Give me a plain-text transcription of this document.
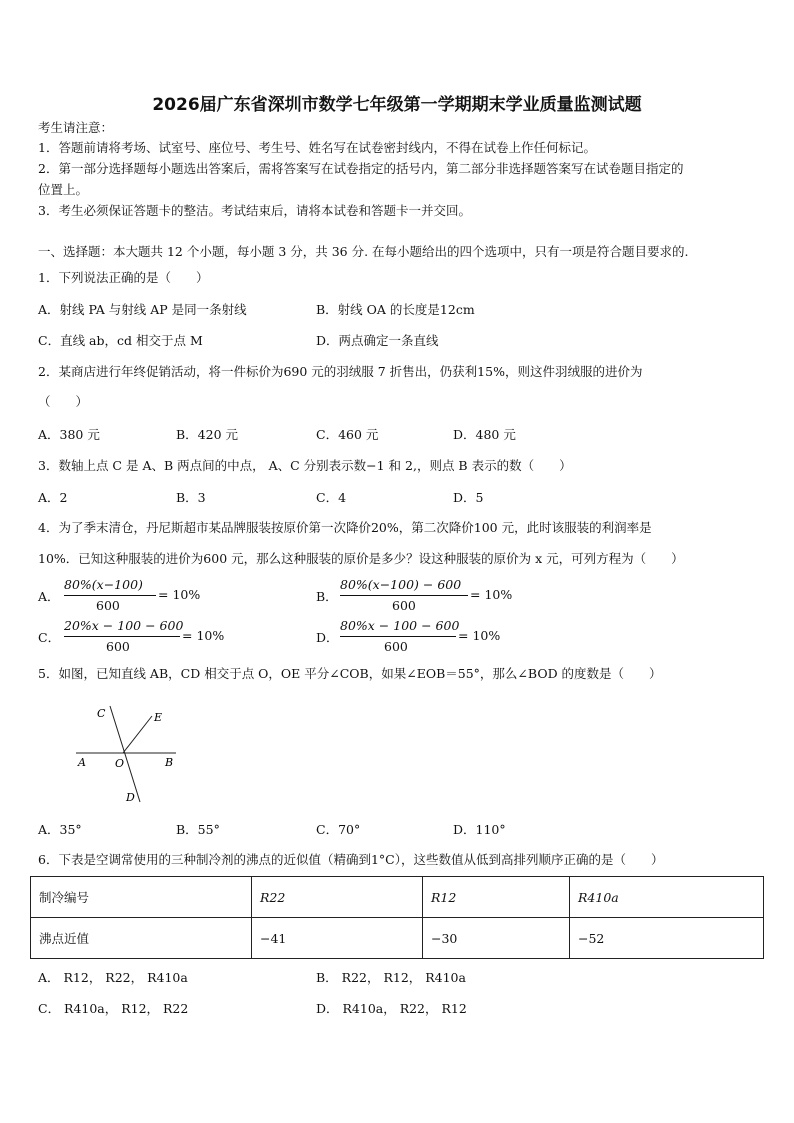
2026届广东省深圳市数学七年级第一学期期末学业质量监测试题
考生请注意：
1．答题前请将考场、试室号、座位号、考生号、姓名写在试卷密封线内，不得在试卷上作任何标记。
2．第一部分选择题每小题选出答案后，需将答案写在试卷指定的括号内，第二部分非选择题答案写在试卷题目指定的
位置上。
3．考生必须保证答题卡的整洁。考试结束后，请将本试卷和答题卡一并交回。
一、选择题：本大题共 12 个小题，每小题 3 分，共 36 分. 在每小题给出的四个选项中，只有一项是符合题目要求的.
1．下列说法正确的是（　　）
A．射线 PA 与射线 AP 是同一条射线	B．射线 OA 的长度是12cm
C．直线 ab，cd 相交于点 M	D．两点确定一条直线
2．某商店进行年终促销活动，将一件标价为690 元的羽绒服 7 折售出，仍获利15%，则这件羽绒服的进价为
（　　）
A．380 元	B．420 元	C．460 元	D．480 元
3．数轴上点 C 是 A、B 两点间的中点， A、C 分别表示数−1 和 2,，则点 B 表示的数（　　）
A．2	B．3	C．4	D．5
4．为了季末清仓，丹尼斯超市某品牌服装按原价第一次降价20%，第二次降价100 元，此时该服装的利润率是
10%．已知这种服装的进价为600 元，那么这种服装的原价是多少？设这种服装的原价为 x 元，可列方程为（　　）
A．
80%(x−100)
600
= 10%	B．
80%(x−100) − 600
600
= 10%
C．
20%x − 100 − 600
600
= 10%	D．
80%x − 100 − 600
600
= 10%
5．如图，已知直线 AB，CD 相交于点 O，OE 平分∠COB，如果∠EOB＝55°，那么∠BOD 的度数是（　　）
C	E
A	O	B
D
A．35°	B．55°	C．70°	D．110°
6．下表是空调常使用的三种制冷剂的沸点的近似值（精确到1°C），这些数值从低到高排列顺序正确的是（　　）
制冷编号	R22	R12	R410a
沸点近值	−41	−30	−52
A． R12， R22， R410a	B． R22， R12， R410a
C． R410a， R12， R22	D． R410a， R22， R12
